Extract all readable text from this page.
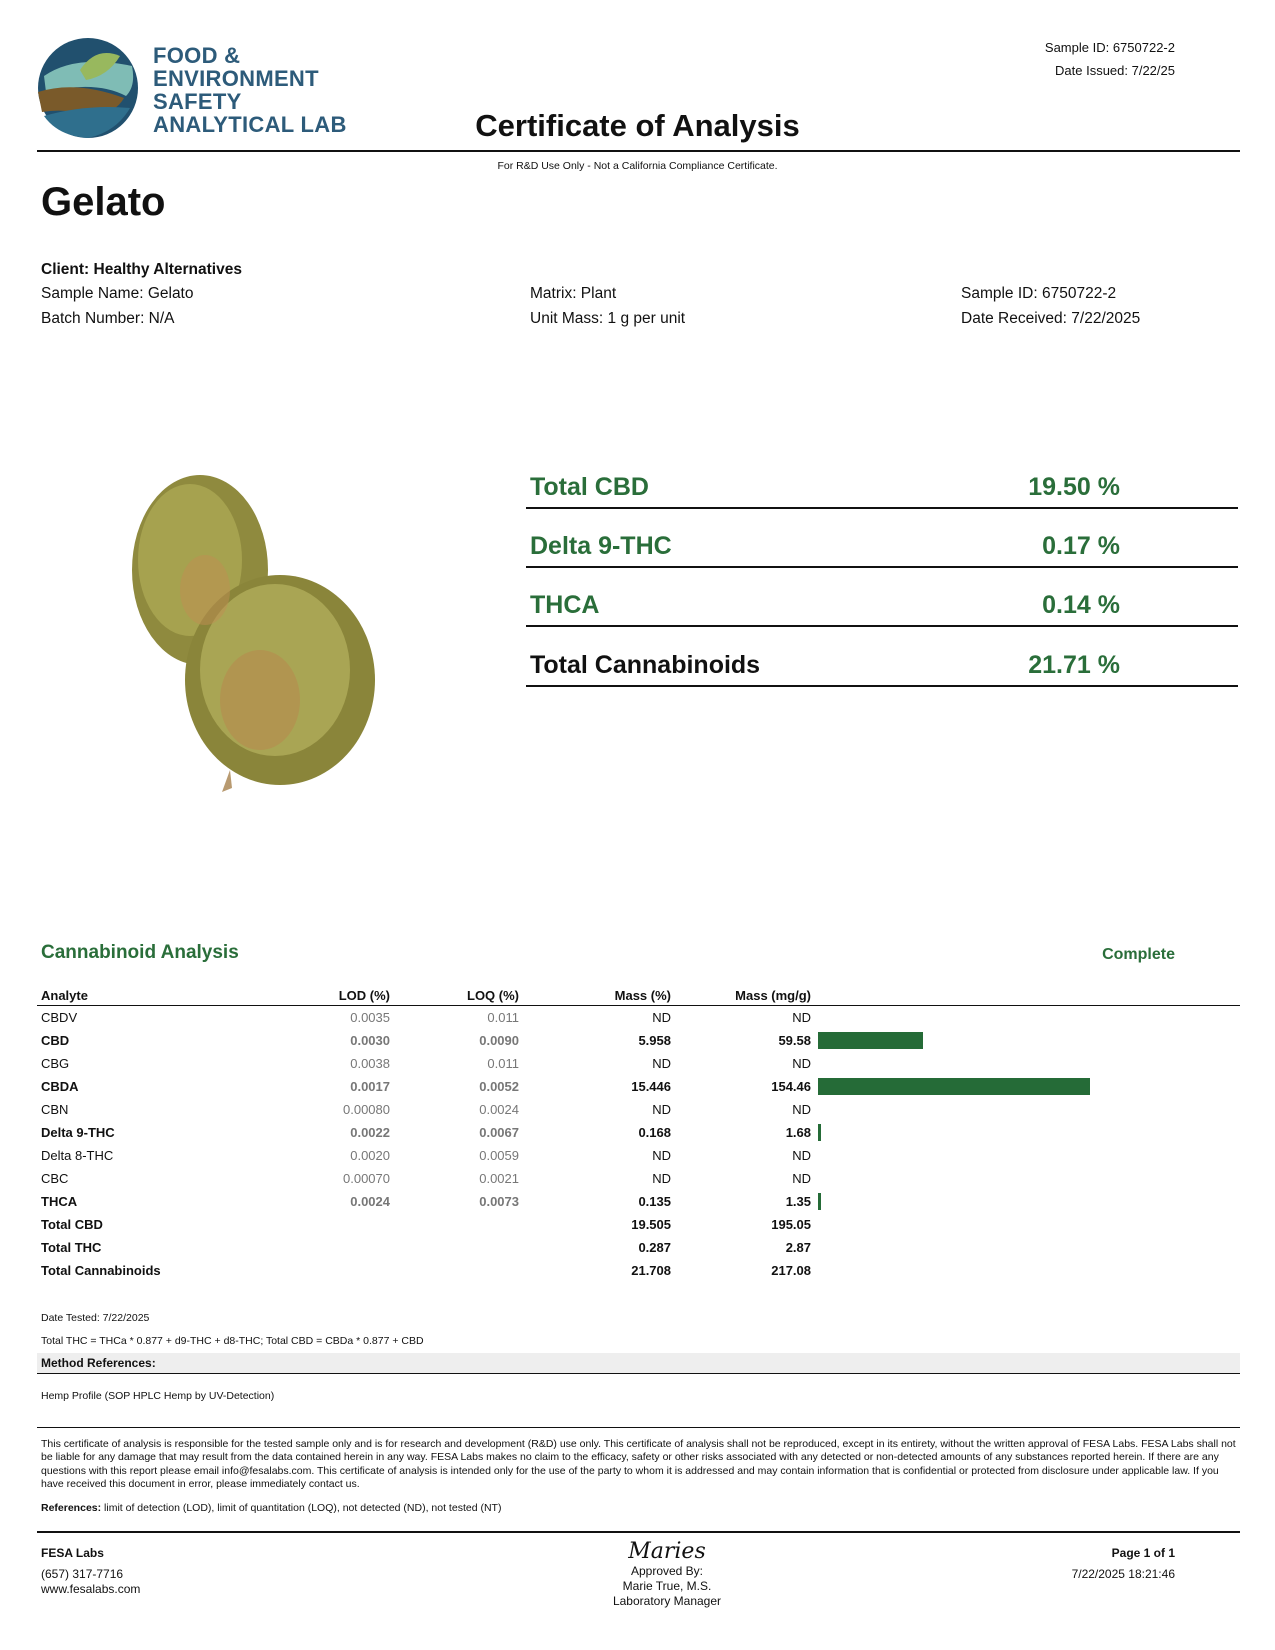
FOOD &
ENVIRONMENT
SAFETY
ANALYTICAL LAB
Sample ID: 6750722-2
Date Issued: 7/22/25
Certificate of Analysis
For R&D Use Only - Not a California Compliance Certificate.
Gelato
Client: Healthy Alternatives
Sample Name: Gelato
Batch Number: N/A
Matrix: Plant
Unit Mass: 1 g per unit
Sample ID: 6750722-2
Date Received: 7/22/2025
Total CBD	19.50 %
Delta 9-THC	0.17 %
THCA	0.14 %
Total Cannabinoids	21.71 %
Cannabinoid Analysis	Complete
Analyte	LOD (%)	LOQ (%)	Mass (%)	Mass (mg/g)	
CBDV	0.0035	0.011	ND	ND	
CBD	0.0030	0.0090	5.958	59.58	
CBG	0.0038	0.011	ND	ND	
CBDA	0.0017	0.0052	15.446	154.46	
CBN	0.00080	0.0024	ND	ND	
Delta 9-THC	0.0022	0.0067	0.168	1.68	
Delta 8-THC	0.0020	0.0059	ND	ND	
CBC	0.00070	0.0021	ND	ND	
THCA	0.0024	0.0073	0.135	1.35	
Total CBD			19.505	195.05	
Total THC			0.287	2.87	
Total Cannabinoids			21.708	217.08	
Date Tested: 7/22/2025
Total THC = THCa * 0.877 + d9-THC + d8-THC; Total CBD = CBDa * 0.877 + CBD
Method References:
Hemp Profile (SOP HPLC Hemp by UV-Detection)
This certificate of analysis is responsible for the tested sample only and is for research and development (R&D) use only. This certificate of analysis shall not be reproduced, except in its entirety, without the written approval of FESA Labs. FESA Labs shall not be liable for any damage that may result from the data contained herein in any way. FESA Labs makes no claim to the efficacy, safety or other risks associated with any detected or non-detected amounts of any substances reported herein. If there are any questions with this report please email info@fesalabs.com. This certificate of analysis is intended only for the use of the party to whom it is addressed and may contain information that is confidential or protected from disclosure under applicable law. If you have received this document in error, please immediately contact us.
References: limit of detection (LOD), limit of quantitation (LOQ), not detected (ND), not tested (NT)
FESA Labs
(657) 317-7716
www.fesalabs.com
Maries
Approved By:
Marie True, M.S.
Laboratory Manager
Page 1 of 1
7/22/2025 18:21:46
